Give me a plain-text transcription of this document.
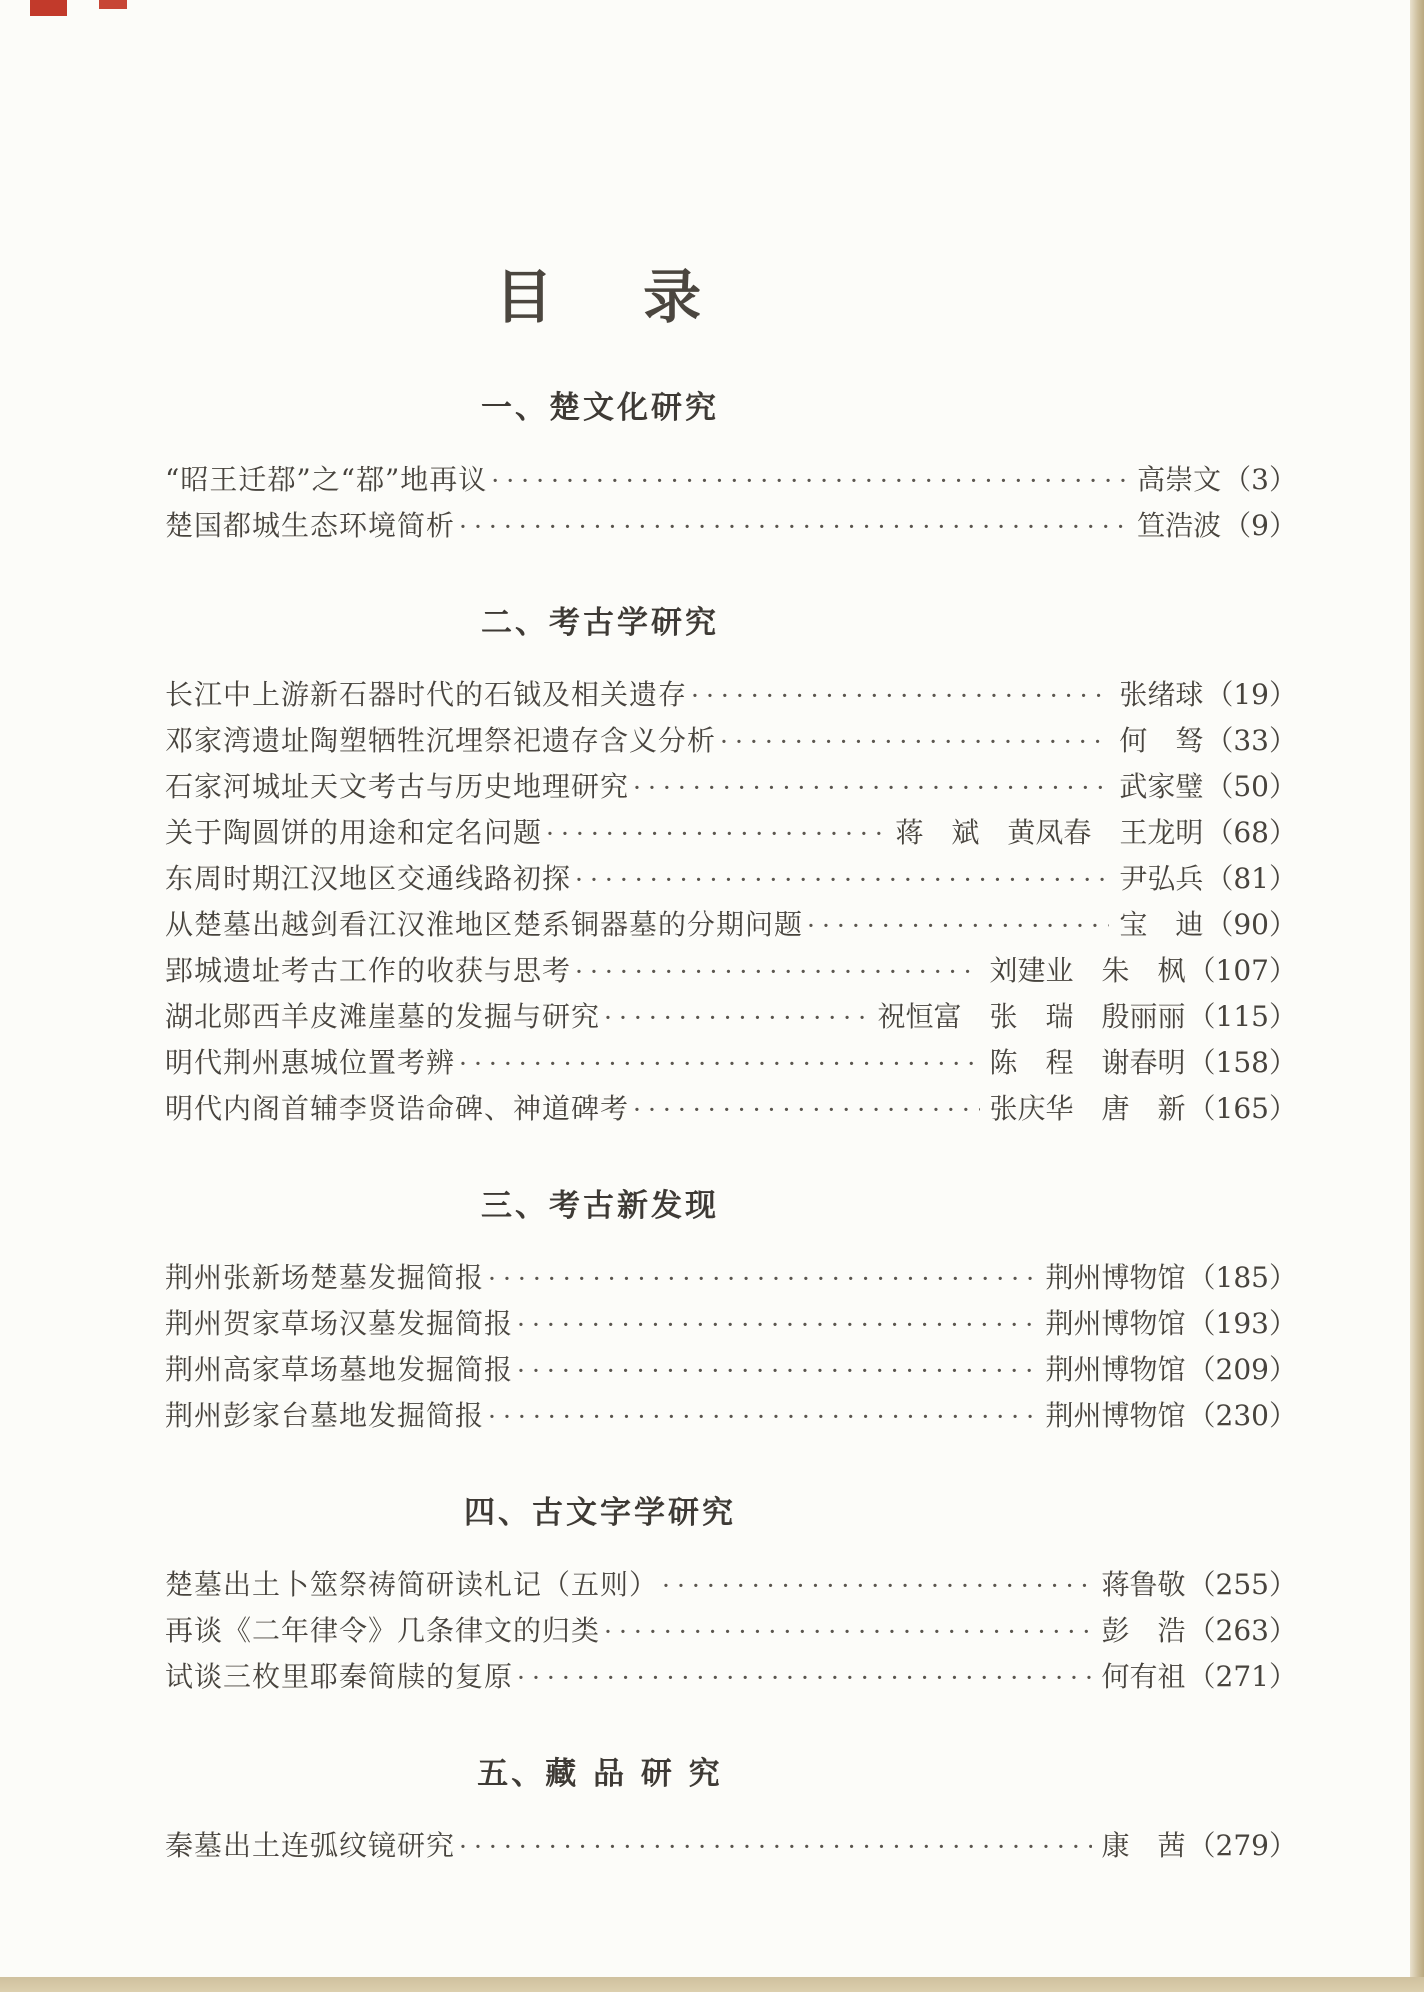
目 录
一、楚文化研究
“昭王迁鄀”之“鄀”地再议 ·····	高崇文 （3）
楚国都城生态环境简析 ·····	笪浩波 （9）
二、考古学研究
长江中上游新石器时代的石钺及相关遗存 ·····	张绪球 （19）
邓家湾遗址陶塑牺牲沉埋祭祀遗存含义分析 ·····	何　驽 （33）
石家河城址天文考古与历史地理研究 ·····	武家璧 （50）
关于陶圆饼的用途和定名问题 ·····	蒋　斌 黄凤春 王龙明 （68）
东周时期江汉地区交通线路初探 ·····	尹弘兵 （81）
从楚墓出越剑看江汉淮地区楚系铜器墓的分期问题 ·····	宝　迪 （90）
郢城遗址考古工作的收获与思考 ·····	刘建业 朱　枫 （107）
湖北郧西羊皮滩崖墓的发掘与研究 ·····	祝恒富 张　瑞 殷丽丽 （115）
明代荆州惠城位置考辨 ·····	陈　程 谢春明 （158）
明代内阁首辅李贤诰命碑、神道碑考 ·····	张庆华 唐　新 （165）
三、考古新发现
荆州张新场楚墓发掘简报 ·····	荆州博物馆 （185）
荆州贺家草场汉墓发掘简报 ·····	荆州博物馆 （193）
荆州高家草场墓地发掘简报 ·····	荆州博物馆 （209）
荆州彭家台墓地发掘简报 ·····	荆州博物馆 （230）
四、古文字学研究
楚墓出土卜筮祭祷简研读札记（五则） ·····	蒋鲁敬 （255）
再谈《二年律令》几条律文的归类 ·····	彭　浩 （263）
试谈三枚里耶秦简牍的复原 ·····	何有祖 （271）
五、藏 品 研 究
秦墓出土连弧纹镜研究 ·····	康　茜 （279）
